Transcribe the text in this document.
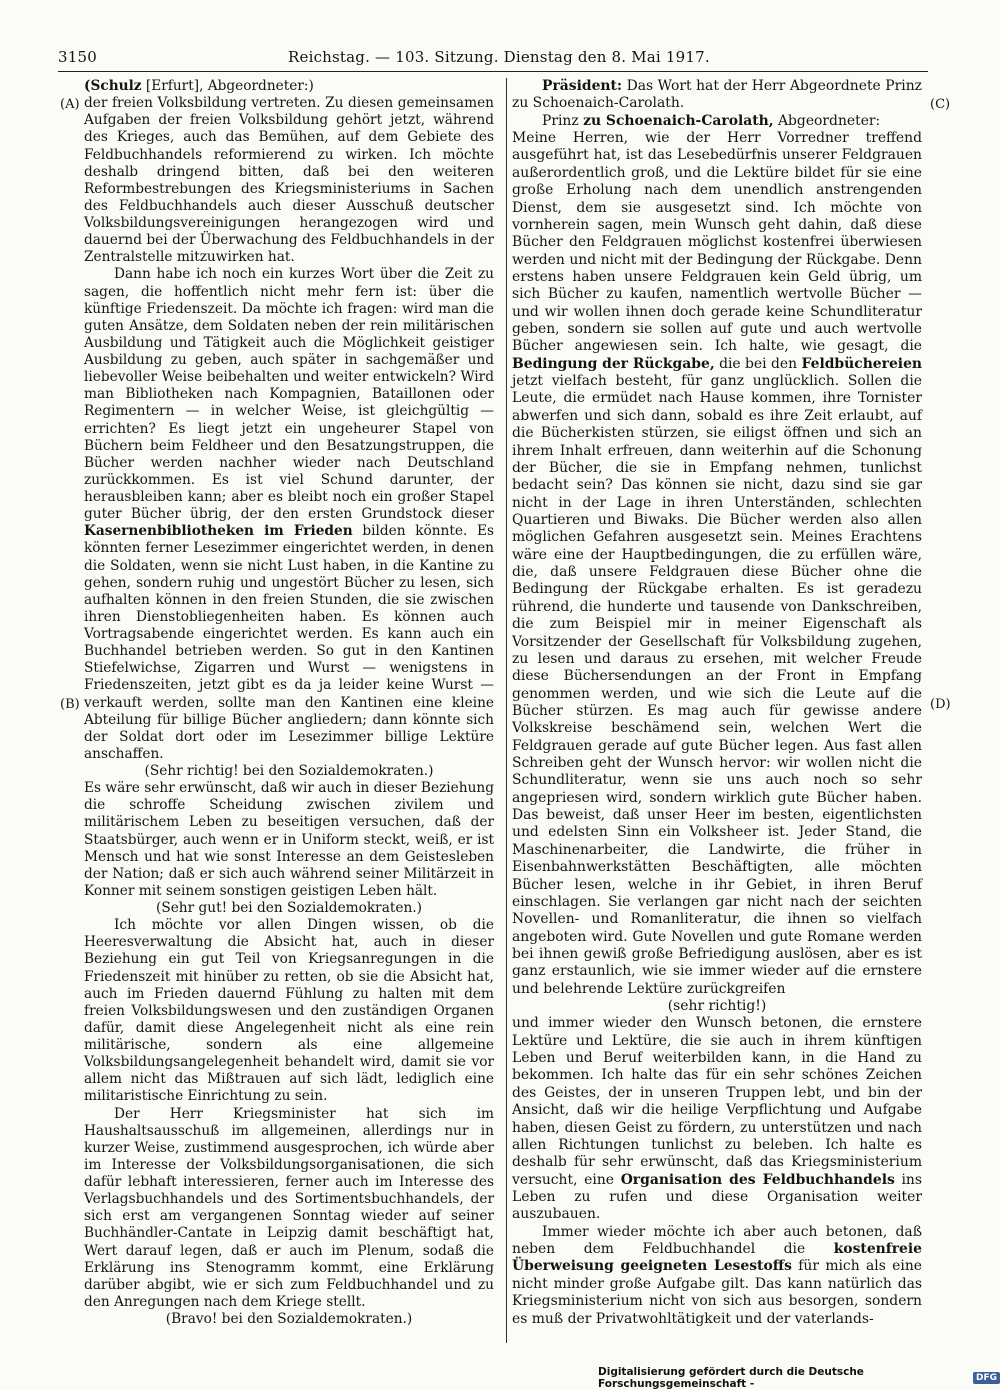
3150	Reichstag. — 103. Sitzung. Dienstag den 8. Mai 1917.
(A)
(B)
(C)
(D)

(Schulz [Erfurt], Abgeordneter:)

der freien Volksbildung vertreten. Zu diesen gemeinsamen Aufgaben der freien Volksbildung gehört jetzt, während des Krieges, auch das Bemühen, auf dem Gebiete des Feldbuchhandels reformierend zu wirken. Ich möchte deshalb dringend bitten, daß bei den weiteren Reformbestrebungen des Kriegsministeriums in Sachen des Feldbuchhandels auch dieser Ausschuß deutscher Volksbildungsvereinigungen herangezogen wird und dauernd bei der Überwachung des Feldbuchhandels in der Zentralstelle mitzuwirken hat.

Dann habe ich noch ein kurzes Wort über die Zeit zu sagen, die hoffentlich nicht mehr fern ist: über die künftige Friedenszeit. Da möchte ich fragen: wird man die guten Ansätze, dem Soldaten neben der rein militärischen Ausbildung und Tätigkeit auch die Möglichkeit geistiger Ausbildung zu geben, auch später in sachgemäßer und liebevoller Weise beibehalten und weiter entwickeln? Wird man Bibliotheken nach Kompagnien, Bataillonen oder Regimentern — in welcher Weise, ist gleichgültig — errichten? Es liegt jetzt ein ungeheurer Stapel von Büchern beim Feldheer und den Besatzungstruppen, die Bücher werden nachher wieder nach Deutschland zurückkommen. Es ist viel Schund darunter, der herausbleiben kann; aber es bleibt noch ein großer Stapel guter Bücher übrig, der den ersten Grundstock dieser Kasernenbibliotheken im Frieden bilden könnte. Es könnten ferner Lesezimmer eingerichtet werden, in denen die Soldaten, wenn sie nicht Lust haben, in die Kantine zu gehen, sondern ruhig und ungestört Bücher zu lesen, sich aufhalten können in den freien Stunden, die sie zwischen ihren Dienstobliegenheiten haben. Es können auch Vortragsabende eingerichtet werden. Es kann auch ein Buchhandel betrieben werden. So gut in den Kantinen Stiefelwichse, Zigarren und Wurst — wenigstens in Friedenszeiten, jetzt gibt es da ja leider keine Wurst — verkauft werden, sollte man den Kantinen eine kleine Abteilung für billige Bücher angliedern; dann könnte sich der Soldat dort oder im Lesezimmer billige Lektüre anschaffen.

(Sehr richtig! bei den Sozialdemokraten.)

Es wäre sehr erwünscht, daß wir auch in dieser Beziehung die schroffe Scheidung zwischen zivilem und militärischem Leben zu beseitigen versuchen, daß der Staatsbürger, auch wenn er in Uniform steckt, weiß, er ist Mensch und hat wie sonst Interesse an dem Geistesleben der Nation; daß er sich auch während seiner Militärzeit in Konner mit seinem sonstigen geistigen Leben hält.

(Sehr gut! bei den Sozialdemokraten.)

Ich möchte vor allen Dingen wissen, ob die Heeresverwaltung die Absicht hat, auch in dieser Beziehung ein gut Teil von Kriegsanregungen in die Friedenszeit mit hinüber zu retten, ob sie die Absicht hat, auch im Frieden dauernd Fühlung zu halten mit dem freien Volksbildungswesen und den zuständigen Organen dafür, damit diese Angelegenheit nicht als eine rein militärische, sondern als eine allgemeine Volksbildungsangelegenheit behandelt wird, damit sie vor allem nicht das Mißtrauen auf sich lädt, lediglich eine militaristische Einrichtung zu sein.

Der Herr Kriegsminister hat sich im Haushaltsausschuß im allgemeinen, allerdings nur in kurzer Weise, zustimmend ausgesprochen, ich würde aber im Interesse der Volksbildungsorganisationen, die sich dafür lebhaft interessieren, ferner auch im Interesse des Verlagsbuchhandels und des Sortimentsbuchhandels, der sich erst am vergangenen Sonntag wieder auf seiner Buchhändler-Cantate in Leipzig damit beschäftigt hat, Wert darauf legen, daß er auch im Plenum, sodaß die Erklärung ins Stenogramm kommt, eine Erklärung darüber abgibt, wie er sich zum Feldbuchhandel und zu den Anregungen nach dem Kriege stellt.

(Bravo! bei den Sozialdemokraten.)

Präsident: Das Wort hat der Herr Abgeordnete Prinz zu Schoenaich-Carolath.

Prinz zu Schoenaich-Carolath, Abgeordneter:

Meine Herren, wie der Herr Vorredner treffend ausgeführt hat, ist das Lesebedürfnis unserer Feldgrauen außerordentlich groß, und die Lektüre bildet für sie eine große Erholung nach dem unendlich anstrengenden Dienst, dem sie ausgesetzt sind. Ich möchte von vornherein sagen, mein Wunsch geht dahin, daß diese Bücher den Feldgrauen möglichst kostenfrei überwiesen werden und nicht mit der Bedingung der Rückgabe. Denn erstens haben unsere Feldgrauen kein Geld übrig, um sich Bücher zu kaufen, namentlich wertvolle Bücher — und wir wollen ihnen doch gerade keine Schundliteratur geben, sondern sie sollen auf gute und auch wertvolle Bücher angewiesen sein. Ich halte, wie gesagt, die Bedingung der Rückgabe, die bei den Feldbüchereien jetzt vielfach besteht, für ganz unglücklich. Sollen die Leute, die ermüdet nach Hause kommen, ihre Tornister abwerfen und sich dann, sobald es ihre Zeit erlaubt, auf die Bücherkisten stürzen, sie eiligst öffnen und sich an ihrem Inhalt erfreuen, dann weiterhin auf die Schonung der Bücher, die sie in Empfang nehmen, tunlichst bedacht sein? Das können sie nicht, dazu sind sie gar nicht in der Lage in ihren Unterständen, schlechten Quartieren und Biwaks. Die Bücher werden also allen möglichen Gefahren ausgesetzt sein. Meines Erachtens wäre eine der Hauptbedingungen, die zu erfüllen wäre, die, daß unsere Feldgrauen diese Bücher ohne die Bedingung der Rückgabe erhalten. Es ist geradezu rührend, die hunderte und tausende von Dankschreiben, die zum Beispiel mir in meiner Eigenschaft als Vorsitzender der Gesellschaft für Volksbildung zugehen, zu lesen und daraus zu ersehen, mit welcher Freude diese Büchersendungen an der Front in Empfang genommen werden, und wie sich die Leute auf die Bücher stürzen. Es mag auch für gewisse andere Volkskreise beschämend sein, welchen Wert die Feldgrauen gerade auf gute Bücher legen. Aus fast allen Schreiben geht der Wunsch hervor: wir wollen nicht die Schundliteratur, wenn sie uns auch noch so sehr angepriesen wird, sondern wirklich gute Bücher haben. Das beweist, daß unser Heer im besten, eigentlichsten und edelsten Sinn ein Volksheer ist. Jeder Stand, die Maschinenarbeiter, die Landwirte, die früher in Eisenbahnwerkstätten Beschäftigten, alle möchten Bücher lesen, welche in ihr Gebiet, in ihren Beruf einschlagen. Sie verlangen gar nicht nach der seichten Novellen- und Romanliteratur, die ihnen so vielfach angeboten wird. Gute Novellen und gute Romane werden bei ihnen gewiß große Befriedigung auslösen, aber es ist ganz erstaunlich, wie sie immer wieder auf die ernstere und belehrende Lektüre zurückgreifen

(sehr richtig!)

und immer wieder den Wunsch betonen, die ernstere Lektüre und Lektüre, die sie auch in ihrem künftigen Leben und Beruf weiterbilden kann, in die Hand zu bekommen. Ich halte das für ein sehr schönes Zeichen des Geistes, der in unseren Truppen lebt, und bin der Ansicht, daß wir die heilige Verpflichtung und Aufgabe haben, diesen Geist zu fördern, zu unterstützen und nach allen Richtungen tunlichst zu beleben. Ich halte es deshalb für sehr erwünscht, daß das Kriegsministerium versucht, eine Organisation des Feldbuchhandels ins Leben zu rufen und diese Organisation weiter auszubauen.

Immer wieder möchte ich aber auch betonen, daß neben dem Feldbuchhandel die kostenfreie Überweisung geeigneten Lesestoffs für mich als eine nicht minder große Aufgabe gilt. Das kann natürlich das Kriegsministerium nicht von sich aus besorgen, sondern es muß der Privatwohltätigkeit und der vaterlands-

Digitalisierung gefördert durch die Deutsche Forschungsgemeinschaft -	DFG
